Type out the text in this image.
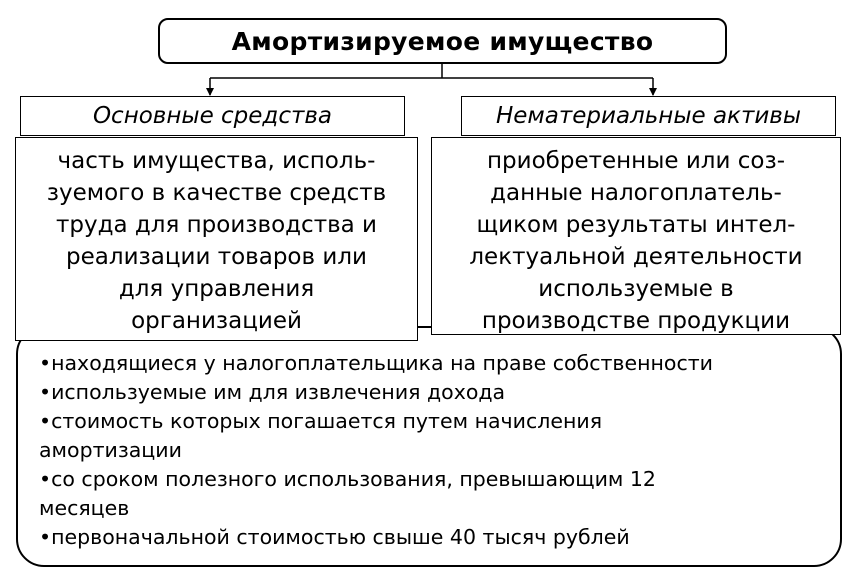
Амортизируемое имущество
Основные средства	Нематериальные активы
часть имущества, исполь-
зуемого в качестве средств
труда для производства и
реализации товаров или
для управления
организацией
приобретенные или соз-
данные налогоплатель-
щиком результаты интел-
лектуальной деятельности
используемые в
производстве продукции
•находящиеся у налогоплательщика на праве собственности
•используемые им для извлечения дохода
•стоимость которых погашается путем начисления
амортизации
•со сроком полезного использования, превышающим 12
месяцев
•первоначальной стоимостью свыше 40 тысяч рублей
